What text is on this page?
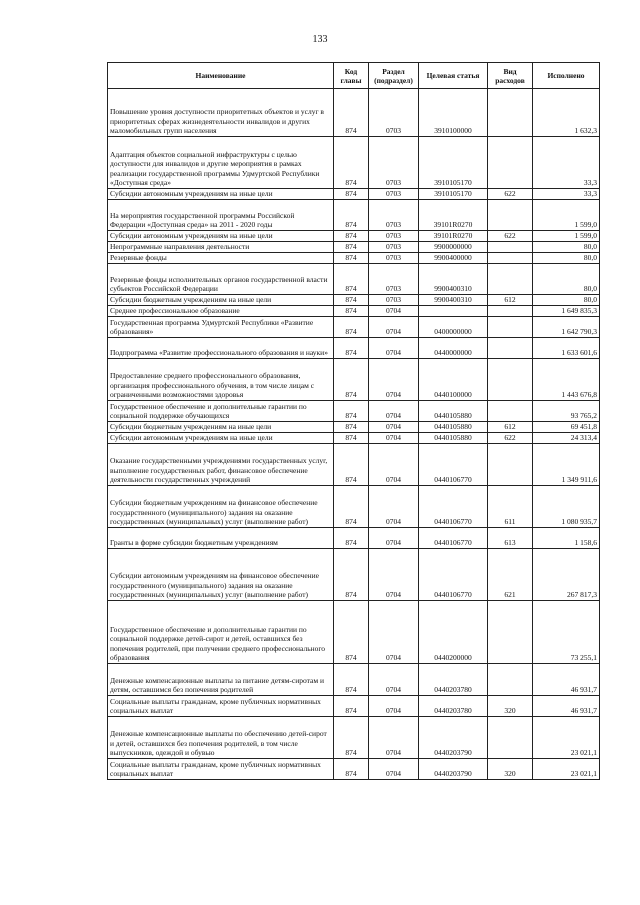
133
Наименование	Код главы	Раздел (подраздел)	Целевая статья	Вид расходов	Исполнено
Повышение уровня доступности приоритетных объектов и услуг в приоритетных сферах жизнедеятельности инвалидов и других маломобильных групп населения	874	0703	3910100000		1 632,3
Адаптация объектов социальной инфраструктуры с целью доступности для инвалидов и другие мероприятия в рамках реализации государственной программы Удмуртской Республики «Доступная среда»	874	0703	3910105170		33,3
Субсидии автономным учреждениям на иные цели	874	0703	3910105170	622	33,3
На мероприятия государственной программы Российской Федерации «Доступная среда» на 2011 - 2020 годы	874	0703	39101R0270		1 599,0
Субсидии автономным учреждениям на иные цели	874	0703	39101R0270	622	1 599,0
Непрограммные направления деятельности	874	0703	9900000000		80,0
Резервные фонды	874	0703	9900400000		80,0
Резервные фонды исполнительных органов государственной власти субъектов Российской Федерации	874	0703	9900400310		80,0
Субсидии бюджетным учреждениям на иные цели	874	0703	9900400310	612	80,0
Среднее профессиональное образование	874	0704			1 649 835,3
Государственная программа Удмуртской Республики «Развитие образования»	874	0704	0400000000		1 642 790,3
Подпрограмма «Развитие профессионального образования и науки»	874	0704	0440000000		1 633 601,6
Предоставление среднего профессионального образования, организация профессионального обучения, в том числе лицам с ограниченными возможностями здоровья	874	0704	0440100000		1 443 676,8
Государственное обеспечение и дополнительные гарантии по социальной поддержке обучающихся	874	0704	0440105880		93 765,2
Субсидии бюджетным учреждениям на иные цели	874	0704	0440105880	612	69 451,8
Субсидии автономным учреждениям на иные цели	874	0704	0440105880	622	24 313,4
Оказание государственными учреждениями государственных услуг, выполнение государственных работ, финансовое обеспечение деятельности государственных учреждений	874	0704	0440106770		1 349 911,6
Субсидии бюджетным учреждениям на финансовое обеспечение государственного (муниципального) задания на оказание государственных (муниципальных) услуг (выполнение работ)	874	0704	0440106770	611	1 080 935,7
Гранты в форме субсидии бюджетным учреждениям	874	0704	0440106770	613	1 158,6
Субсидии автономным учреждениям на финансовое обеспечение государственного (муниципального) задания на оказание государственных (муниципальных) услуг (выполнение работ)	874	0704	0440106770	621	267 817,3
Государственное обеспечение и дополнительные гарантии по социальной поддержке детей-сирот и детей, оставшихся без попечения родителей, при получении среднего профессионального образования	874	0704	0440200000		73 255,1
Денежные компенсационные выплаты за питание детям-сиротам и детям, оставшимся без попечения родителей	874	0704	0440203780		46 931,7
Социальные выплаты гражданам, кроме публичных нормативных социальных выплат	874	0704	0440203780	320	46 931,7
Денежные компенсационные выплаты по обеспечению детей-сирот и детей, оставшихся без попечения родителей, в том числе выпускников, одеждой и обувью	874	0704	0440203790		23 021,1
Социальные выплаты гражданам, кроме публичных нормативных социальных выплат	874	0704	0440203790	320	23 021,1
